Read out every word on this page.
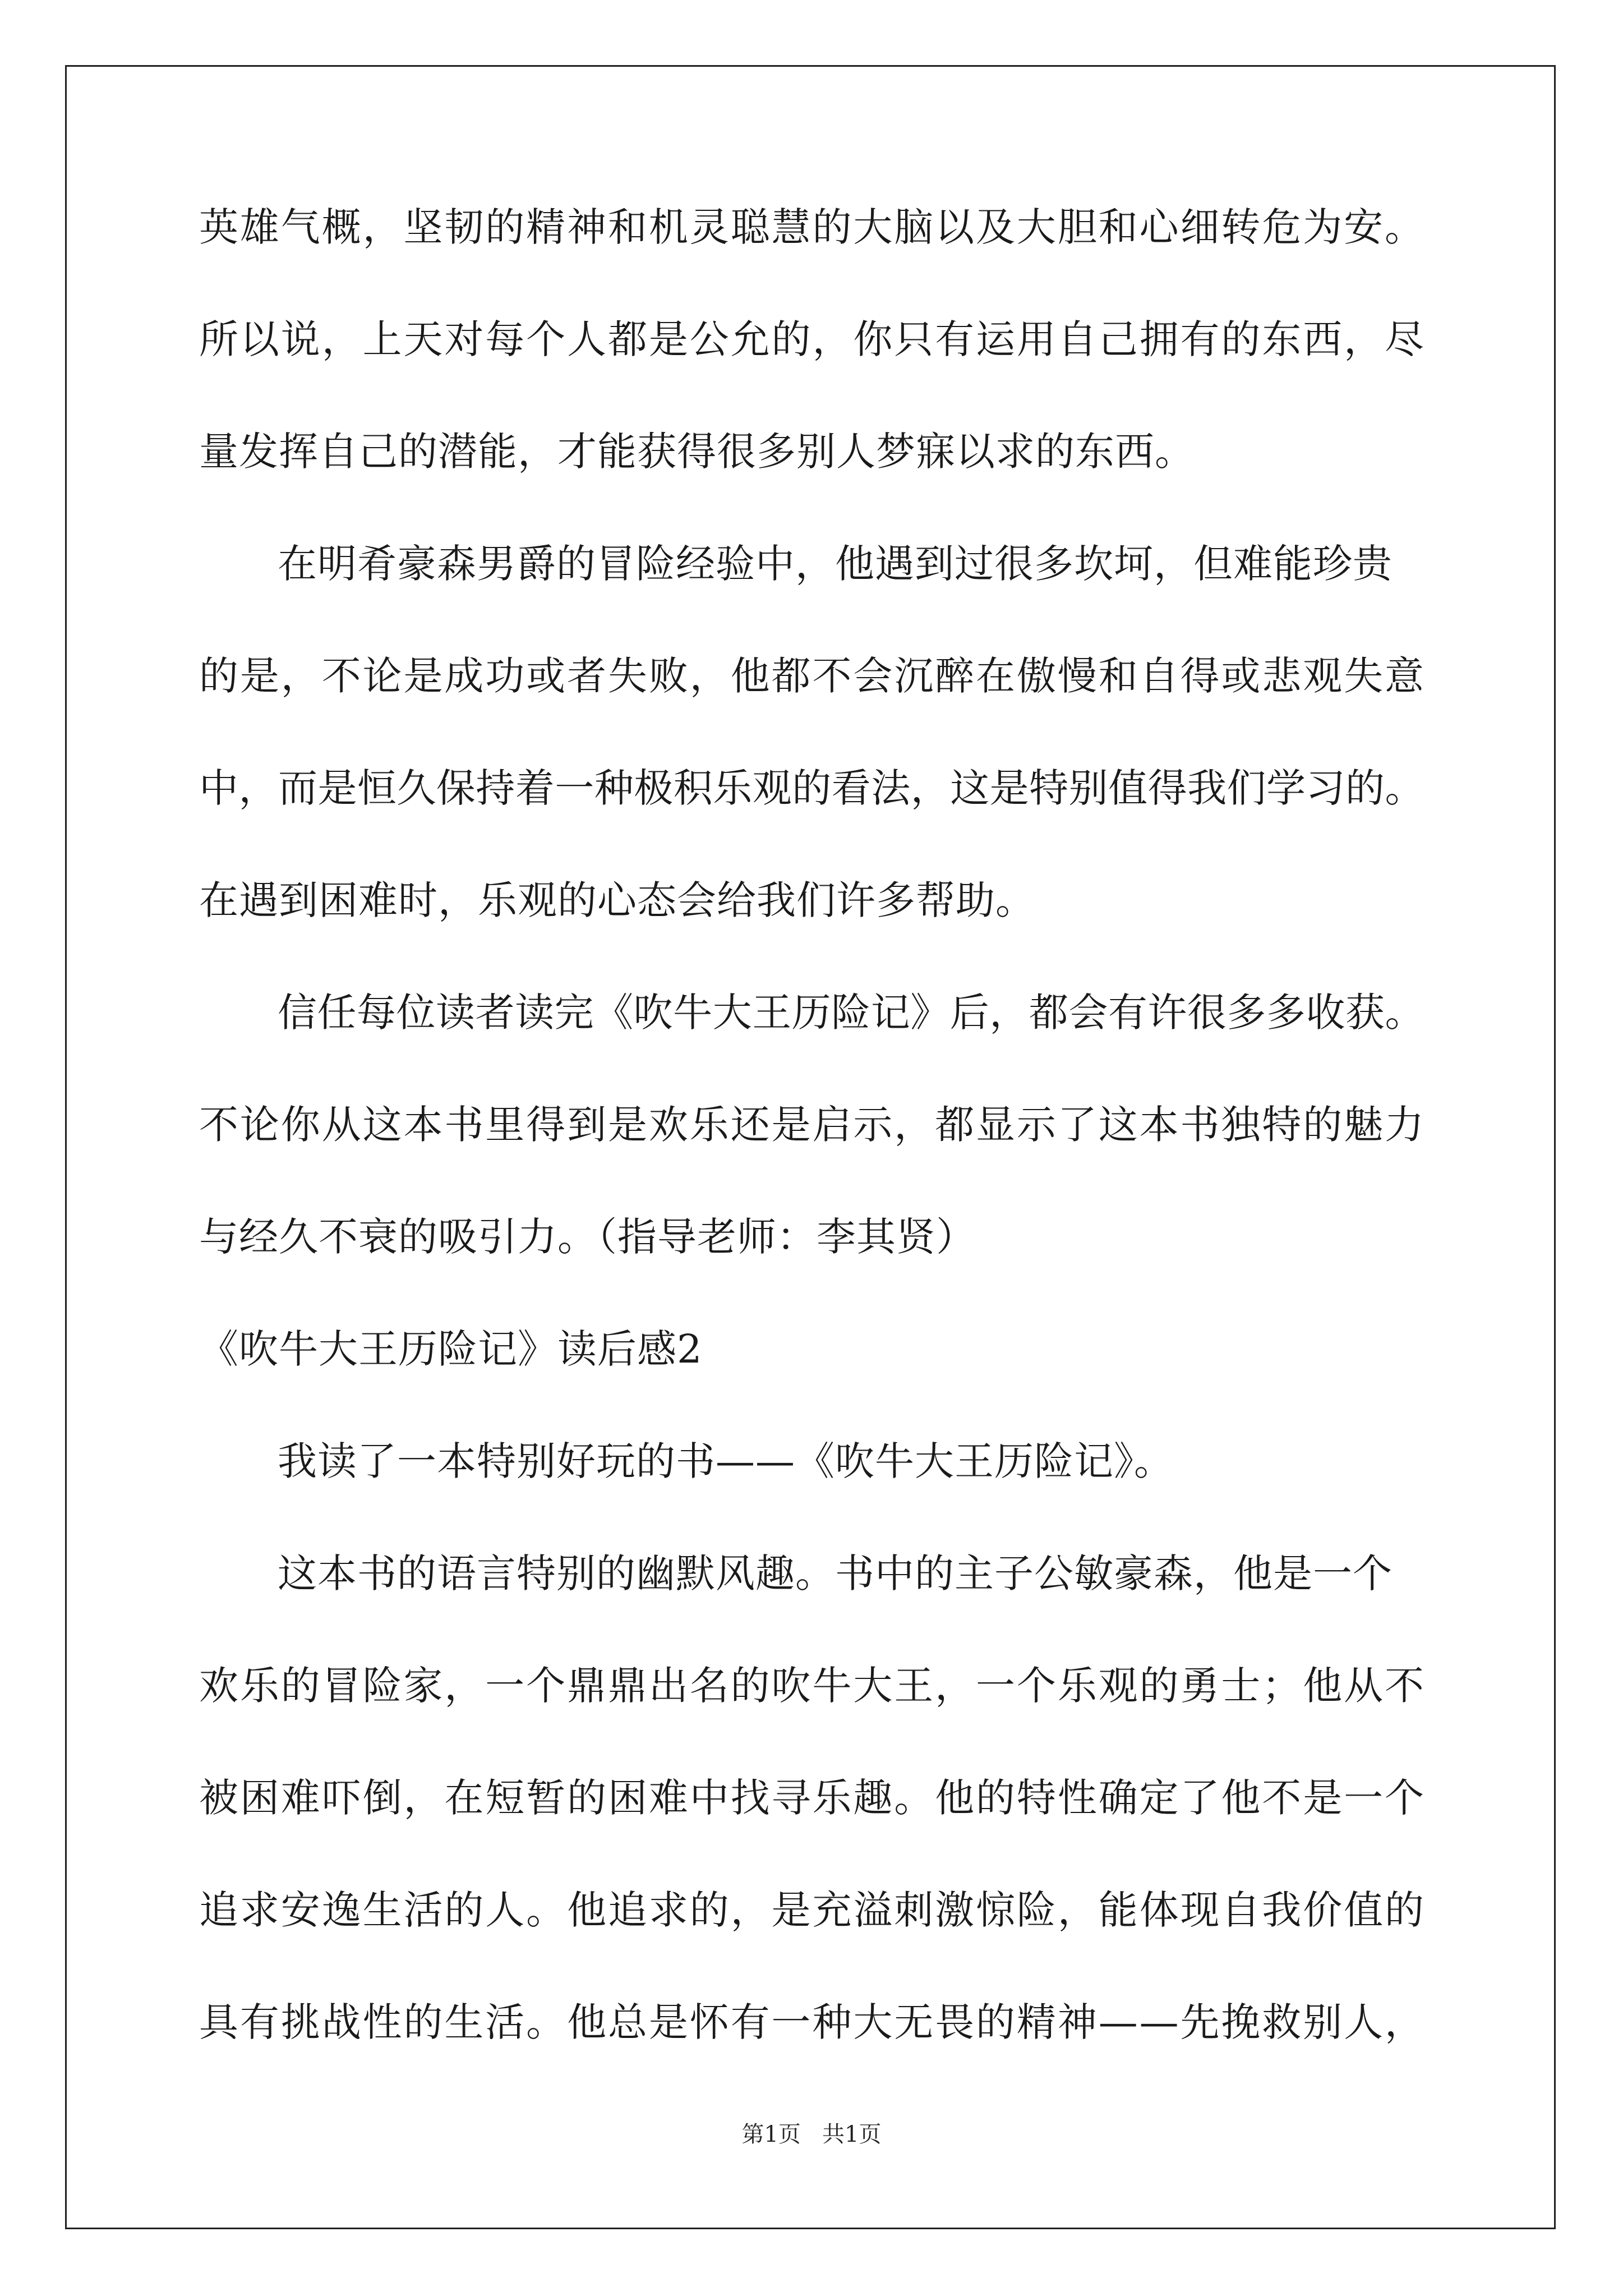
英雄气概，坚韧的精神和机灵聪慧的大脑以及大胆和心细转危为安。
所以说，上天对每个人都是公允的，你只有运用自己拥有的东西，尽
量发挥自己的潜能，才能获得很多别人梦寐以求的东西。
在明肴豪森男爵的冒险经验中，他遇到过很多坎坷，但难能珍贵
的是，不论是成功或者失败，他都不会沉醉在傲慢和自得或悲观失意
中，而是恒久保持着一种极积乐观的看法，这是特别值得我们学习的。
在遇到困难时，乐观的心态会给我们许多帮助。
信任每位读者读完《吹牛大王历险记》后，都会有许很多多收获。
不论你从这本书里得到是欢乐还是启示，都显示了这本书独特的魅力
与经久不衰的吸引力。（指导老师：李其贤）
《吹牛大王历险记》读后感2
我读了一本特别好玩的书——《吹牛大王历险记》。
这本书的语言特别的幽默风趣。书中的主子公敏豪森，他是一个
欢乐的冒险家，一个鼎鼎出名的吹牛大王，一个乐观的勇士；他从不
被困难吓倒，在短暂的困难中找寻乐趣。他的特性确定了他不是一个
追求安逸生活的人。他追求的，是充溢刺激惊险，能体现自我价值的
具有挑战性的生活。他总是怀有一种大无畏的精神——先挽救别人，
第1页   共1页
